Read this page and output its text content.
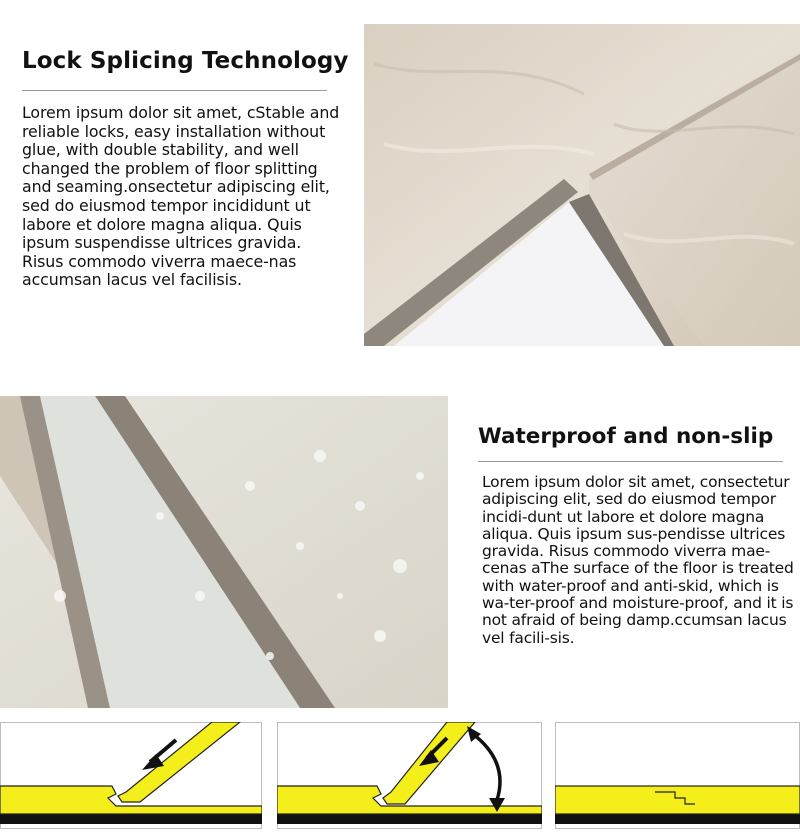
Lock Splicing Technology
Lorem ipsum dolor sit amet, cStable and reliable locks, easy installation without glue, with double stability, and well changed the problem of floor splitting and seaming.onsectetur adipiscing elit, sed do eiusmod tempor incididunt ut labore et dolore magna aliqua. Quis ipsum suspendisse ultrices gravida. Risus commodo viverra maece-nas accumsan lacus vel facilisis.
Waterproof and non-slip
Lorem ipsum dolor sit amet, consectetur adipiscing elit, sed do eiusmod tempor incidi-dunt ut labore et dolore magna aliqua. Quis ipsum sus-pendisse ultrices gravida. Risus commodo viverra mae-cenas aThe surface of the floor is treated with water-proof and anti-skid, which is wa-ter-proof and moisture-proof, and it is not afraid of being damp.ccumsan lacus vel facili-sis.
